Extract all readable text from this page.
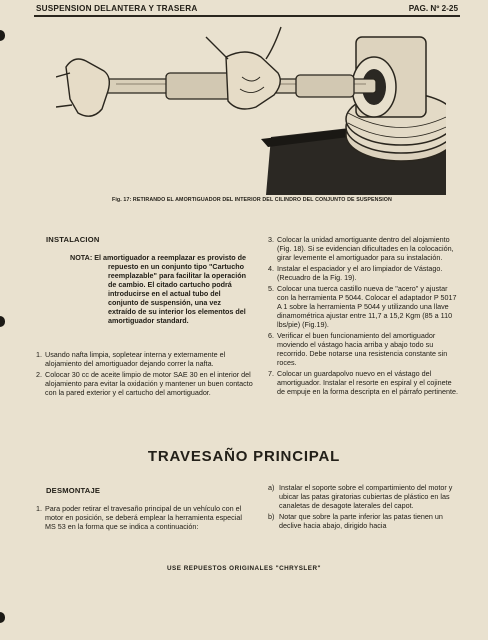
SUSPENSION DELANTERA Y TRASERA	PAG. Nº 2-25
Fig. 17: RETIRANDO EL AMORTIGUADOR DEL INTERIOR DEL CILINDRO DEL CONJUNTO DE SUSPENSION
INSTALACION

NOTA: El amortiguador a reemplazar es provisto de repuesto en un conjunto tipo "Cartucho reemplazable" para facilitar la operación de cambio. El citado cartucho podrá introducirse en el actual tubo del conjunto de suspensión, una vez extraído de su interior los elementos del amortiguador standard.

1. Usando nafta limpia, sopletear interna y externamente el alojamiento del amortiguador dejando correr la nafta.
2. Colocar 30 cc de aceite limpio de motor SAE 30 en el interior del alojamiento para evitar la oxidación y mantener un buen contacto con la pared exterior y el cartucho del amortiguador.
3. Colocar la unidad amortiguante dentro del alojamiento (Fig. 18). Si se evidencian dificultades en la colocación, girar levemente el amortiguador para su instalación.
4. Instalar el espaciador y el aro limpiador de Vástago. (Recuadro de la Fig. 19).
5. Colocar una tuerca castillo nueva de "acero" y ajustar con la herramienta P 5044. Colocar el adaptador P 5017 A 1 sobre la herramienta P 5044 y utilizando una llave dinamométrica ajustar entre 11,7 a 15,2 Kgm (85 a 110 lbs/pie) (Fig.19).
6. Verificar el buen funcionamiento del amortiguador moviendo el vástago hacia arriba y abajo todo su recorrido. Debe notarse una resistencia constante sin roces.
7. Colocar un guardapolvo nuevo en el vástago del amortiguador. Instalar el resorte en espiral y el cojinete de empuje en la forma descripta en el párrafo pertinente.
TRAVESAÑO PRINCIPAL
DESMONTAJE
1. Para poder retirar el travesaño principal de un vehículo con el motor en posición, se deberá emplear la herramienta especial MS 53 en la forma que se indica a continuación:
a) Instalar el soporte sobre el compartimiento del motor y ubicar las patas giratorias cubiertas de plástico en las canaletas de desagote laterales del capot.
b) Notar que sobre la parte inferior las patas tienen un declive hacia abajo, dirigido hacia
USE REPUESTOS ORIGINALES "CHRYSLER"
